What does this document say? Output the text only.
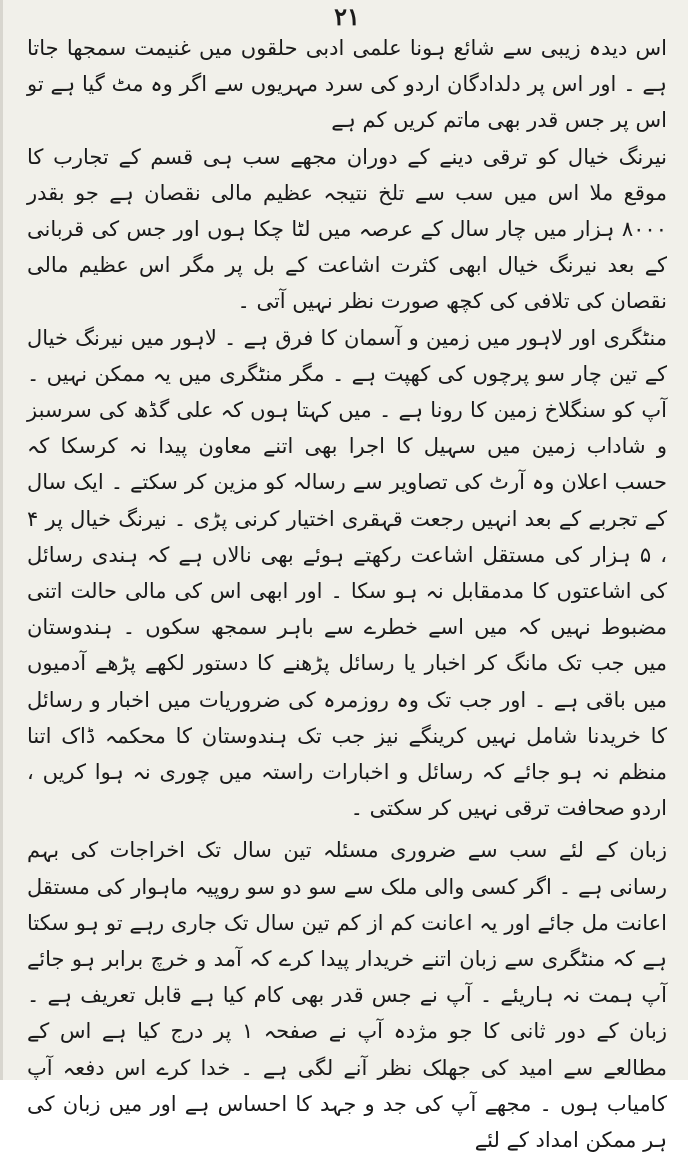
۲۱

اس دیدہ زیبی سے شائع ہونا علمی ادبی حلقوں میں غنیمت سمجھا جاتا ہے ۔ اور اس پر دلدادگان اردو کی سرد مہریوں سے اگر وہ مٹ گیا ہے تو اس پر جس قدر بھی ماتم کریں کم ہے

نیرنگ خیال کو ترقی دینے کے دوران مجھے سب ہی قسم کے تجارب کا موقع ملا اس میں سب سے تلخ نتیجہ عظیم مالی نقصان ہے جو بقدر ۸۰۰۰ ہزار میں چار سال کے عرصہ میں لٹا چکا ہوں اور جس کی قربانی کے بعد نیرنگ خیال ابھی کثرت اشاعت کے بل پر مگر اس عظیم مالی نقصان کی تلافی کی کچھ صورت نظر نہیں آتی ۔

منٹگری اور لاہور میں زمین و آسمان کا فرق ہے ۔ لاہور میں نیرنگ خیال کے تین چار سو پرچوں کی کھپت ہے ۔ مگر منٹگری میں یہ ممکن نہیں ۔ آپ کو سنگلاخ زمین کا رونا ہے ۔ میں کہتا ہوں کہ علی گڈھ کی سرسبز و شاداب زمین میں سہیل کا اجرا بھی اتنے معاون پیدا نہ کرسکا کہ حسب اعلان وہ آرٹ کی تصاویر سے رسالہ کو مزین کر سکتے ۔ ایک سال کے تجربے کے بعد انہیں رجعت قہقری اختیار کرنی پڑی ۔ نیرنگ خیال پر ۴ ، ۵ ہزار کی مستقل اشاعت رکھتے ہوئے بھی نالاں ہے کہ ہندی رسائل کی اشاعتوں کا مدمقابل نہ ہو سکا ۔ اور ابھی اس کی مالی حالت اتنی مضبوط نہیں کہ میں اسے خطرے سے باہر سمجھ سکوں ۔ ہندوستان میں جب تک مانگ کر اخبار یا رسائل پڑھنے کا دستور لکھے پڑھے آدمیوں میں باقی ہے ۔ اور جب تک وہ روزمرہ کی ضروریات میں اخبار و رسائل کا خریدنا شامل نہیں کرینگے نیز جب تک ہندوستان کا محکمہ ڈاک اتنا منظم نہ ہو جائے کہ رسائل و اخبارات راستہ میں چوری نہ ہوا کریں ، اردو صحافت ترقی نہیں کر سکتی ۔

زبان کے لئے سب سے ضروری مسئلہ تین سال تک اخراجات کی بہم رسانی ہے ۔ اگر کسی والی ملک سے سو دو سو روپیہ ماہوار کی مستقل اعانت مل جائے اور یہ اعانت کم از کم تین سال تک جاری رہے تو ہو سکتا ہے کہ منٹگری سے زبان اتنے خریدار پیدا کرے کہ آمد و خرچ برابر ہو جائے آپ ہمت نہ ہاریئے ۔ آپ نے جس قدر بھی کام کیا ہے قابل تعریف ہے ۔ زبان کے دور ثانی کا جو مژدہ آپ نے صفحہ ۱ پر درج کیا ہے اس کے مطالعے سے امید کی جھلک نظر آنے لگی ہے ۔ خدا کرے اس دفعہ آپ کامیاب ہوں ۔ مجھے آپ کی جد و جہد کا احساس ہے اور میں زبان کی ہر ممکن امداد کے لئے
